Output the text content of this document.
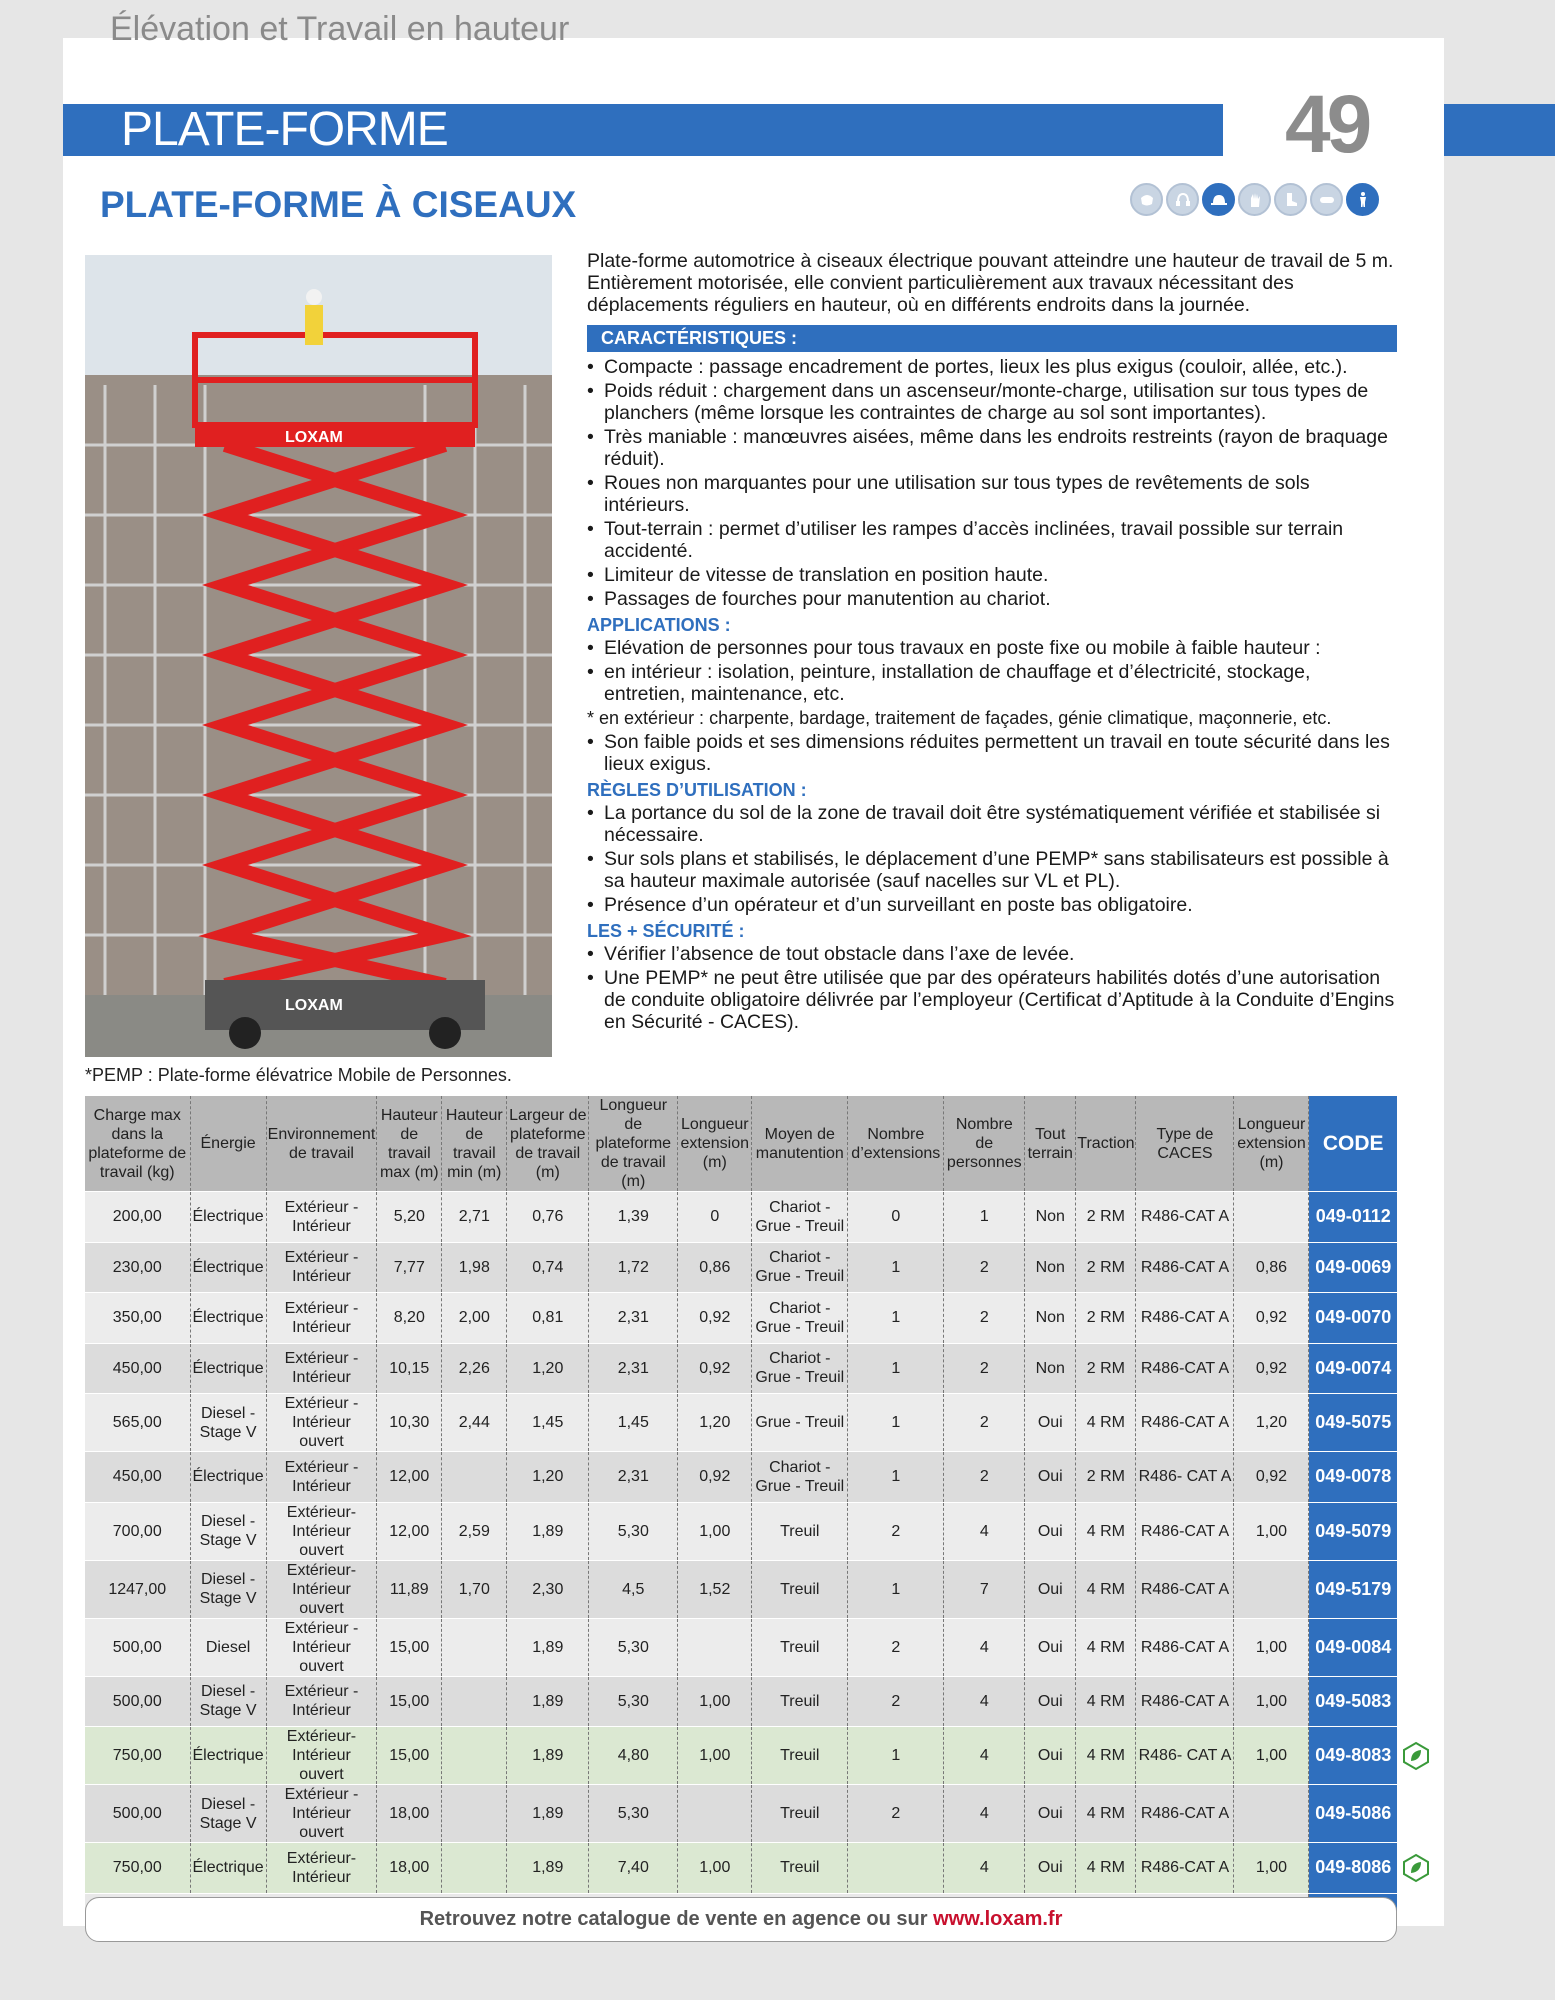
Élévation et Travail en hauteur
PLATE-FORME	49
PLATE-FORME À CISEAUX
LOXAM
LOXAM
*PEMP : Plate-forme élévatrice Mobile de Personnes.

Plate-forme automotrice à ciseaux électrique pouvant atteindre une hauteur de travail de 5 m. Entièrement motorisée, elle convient particulièrement aux travaux nécessitant des déplacements réguliers en hauteur, où en différents endroits dans la journée.

CARACTÉRISTIQUES :
• Compacte : passage encadrement de portes, lieux les plus exigus (couloir, allée, etc.).
• Poids réduit : chargement dans un ascenseur/monte-charge, utilisation sur tous types de planchers (même lorsque les contraintes de charge au sol sont importantes).
• Très maniable : manœuvres aisées, même dans les endroits restreints (rayon de braquage réduit).
• Roues non marquantes pour une utilisation sur tous types de revêtements de sols intérieurs.
• Tout-terrain : permet d’utiliser les rampes d’accès inclinées, travail possible sur terrain accidenté.
• Limiteur de vitesse de translation en position haute.
• Passages de fourches pour manutention au chariot.
APPLICATIONS :
• Elévation de personnes pour tous travaux en poste fixe ou mobile à faible hauteur :
• en intérieur : isolation, peinture, installation de chauffage et d’électricité, stockage, entretien, maintenance, etc.
* en extérieur : charpente, bardage, traitement de façades, génie climatique, maçonnerie, etc.
• Son faible poids et ses dimensions réduites permettent un travail en toute sécurité dans les lieux exigus.
RÈGLES D’UTILISATION :
• La portance du sol de la zone de travail doit être systématiquement vérifiée et stabilisée si nécessaire.
• Sur sols plans et stabilisés, le déplacement d’une PEMP* sans stabilisateurs est possible à sa hauteur maximale autorisée (sauf nacelles sur VL et PL).
• Présence d’un opérateur et d’un surveillant en poste bas obligatoire.
LES + SÉCURITÉ :
• Vérifier l’absence de tout obstacle dans l’axe de levée.
• Une PEMP* ne peut être utilisée que par des opérateurs habilités dotés d’une autorisation de conduite obligatoire délivrée par l’employeur (Certificat d’Aptitude à la Conduite d’Engins en Sécurité - CACES).
Charge max dans la plateforme de travail (kg)	Énergie	Environnement de travail	Hauteur de travail max (m)	Hauteur de travail min (m)	Largeur de plateforme de travail (m)	Longueur de plateforme de travail (m)	Longueur extension (m)	Moyen de manutention	Nombre d’extensions	Nombre de personnes	Tout terrain	Traction	Type de CACES	Longueur extension (m)	CODE
200,00	Électrique	Extérieur - Intérieur	5,20	2,71	0,76	1,39	0	Chariot - Grue - Treuil	0	1	Non	2 RM	R486-CAT A		049-0112
230,00	Électrique	Extérieur - Intérieur	7,77	1,98	0,74	1,72	0,86	Chariot - Grue - Treuil	1	2	Non	2 RM	R486-CAT A	0,86	049-0069
350,00	Électrique	Extérieur - Intérieur	8,20	2,00	0,81	2,31	0,92	Chariot - Grue - Treuil	1	2	Non	2 RM	R486-CAT A	0,92	049-0070
450,00	Électrique	Extérieur - Intérieur	10,15	2,26	1,20	2,31	0,92	Chariot - Grue - Treuil	1	2	Non	2 RM	R486-CAT A	0,92	049-0074
565,00	Diesel - Stage V	Extérieur - Intérieur ouvert	10,30	2,44	1,45	1,45	1,20	Grue - Treuil	1	2	Oui	4 RM	R486-CAT A	1,20	049-5075
450,00	Électrique	Extérieur - Intérieur	12,00		1,20	2,31	0,92	Chariot - Grue - Treuil	1	2	Oui	2 RM	R486- CAT A	0,92	049-0078
700,00	Diesel - Stage V	Extérieur- Intérieur ouvert	12,00	2,59	1,89	5,30	1,00	Treuil	2	4	Oui	4 RM	R486-CAT A	1,00	049-5079
1247,00	Diesel - Stage V	Extérieur- Intérieur ouvert	11,89	1,70	2,30	4,5	1,52	Treuil	1	7	Oui	4 RM	R486-CAT A		049-5179
500,00	Diesel	Extérieur - Intérieur ouvert	15,00		1,89	5,30		Treuil	2	4	Oui	4 RM	R486-CAT A	1,00	049-0084
500,00	Diesel - Stage V	Extérieur - Intérieur	15,00		1,89	5,30	1,00	Treuil	2	4	Oui	4 RM	R486-CAT A	1,00	049-5083
750,00	Électrique	Extérieur- Intérieur ouvert	15,00		1,89	4,80	1,00	Treuil	1	4	Oui	4 RM	R486- CAT A	1,00	049-8083
500,00	Diesel - Stage V	Extérieur - Intérieur ouvert	18,00		1,89	5,30		Treuil	2	4	Oui	4 RM	R486-CAT A		049-5086
750,00	Électrique	Extérieur- Intérieur	18,00		1,89	7,40	1,00	Treuil		4	Oui	4 RM	R486-CAT A	1,00	049-8086

Retrouvez notre catalogue de vente en agence ou sur www.loxam.fr
